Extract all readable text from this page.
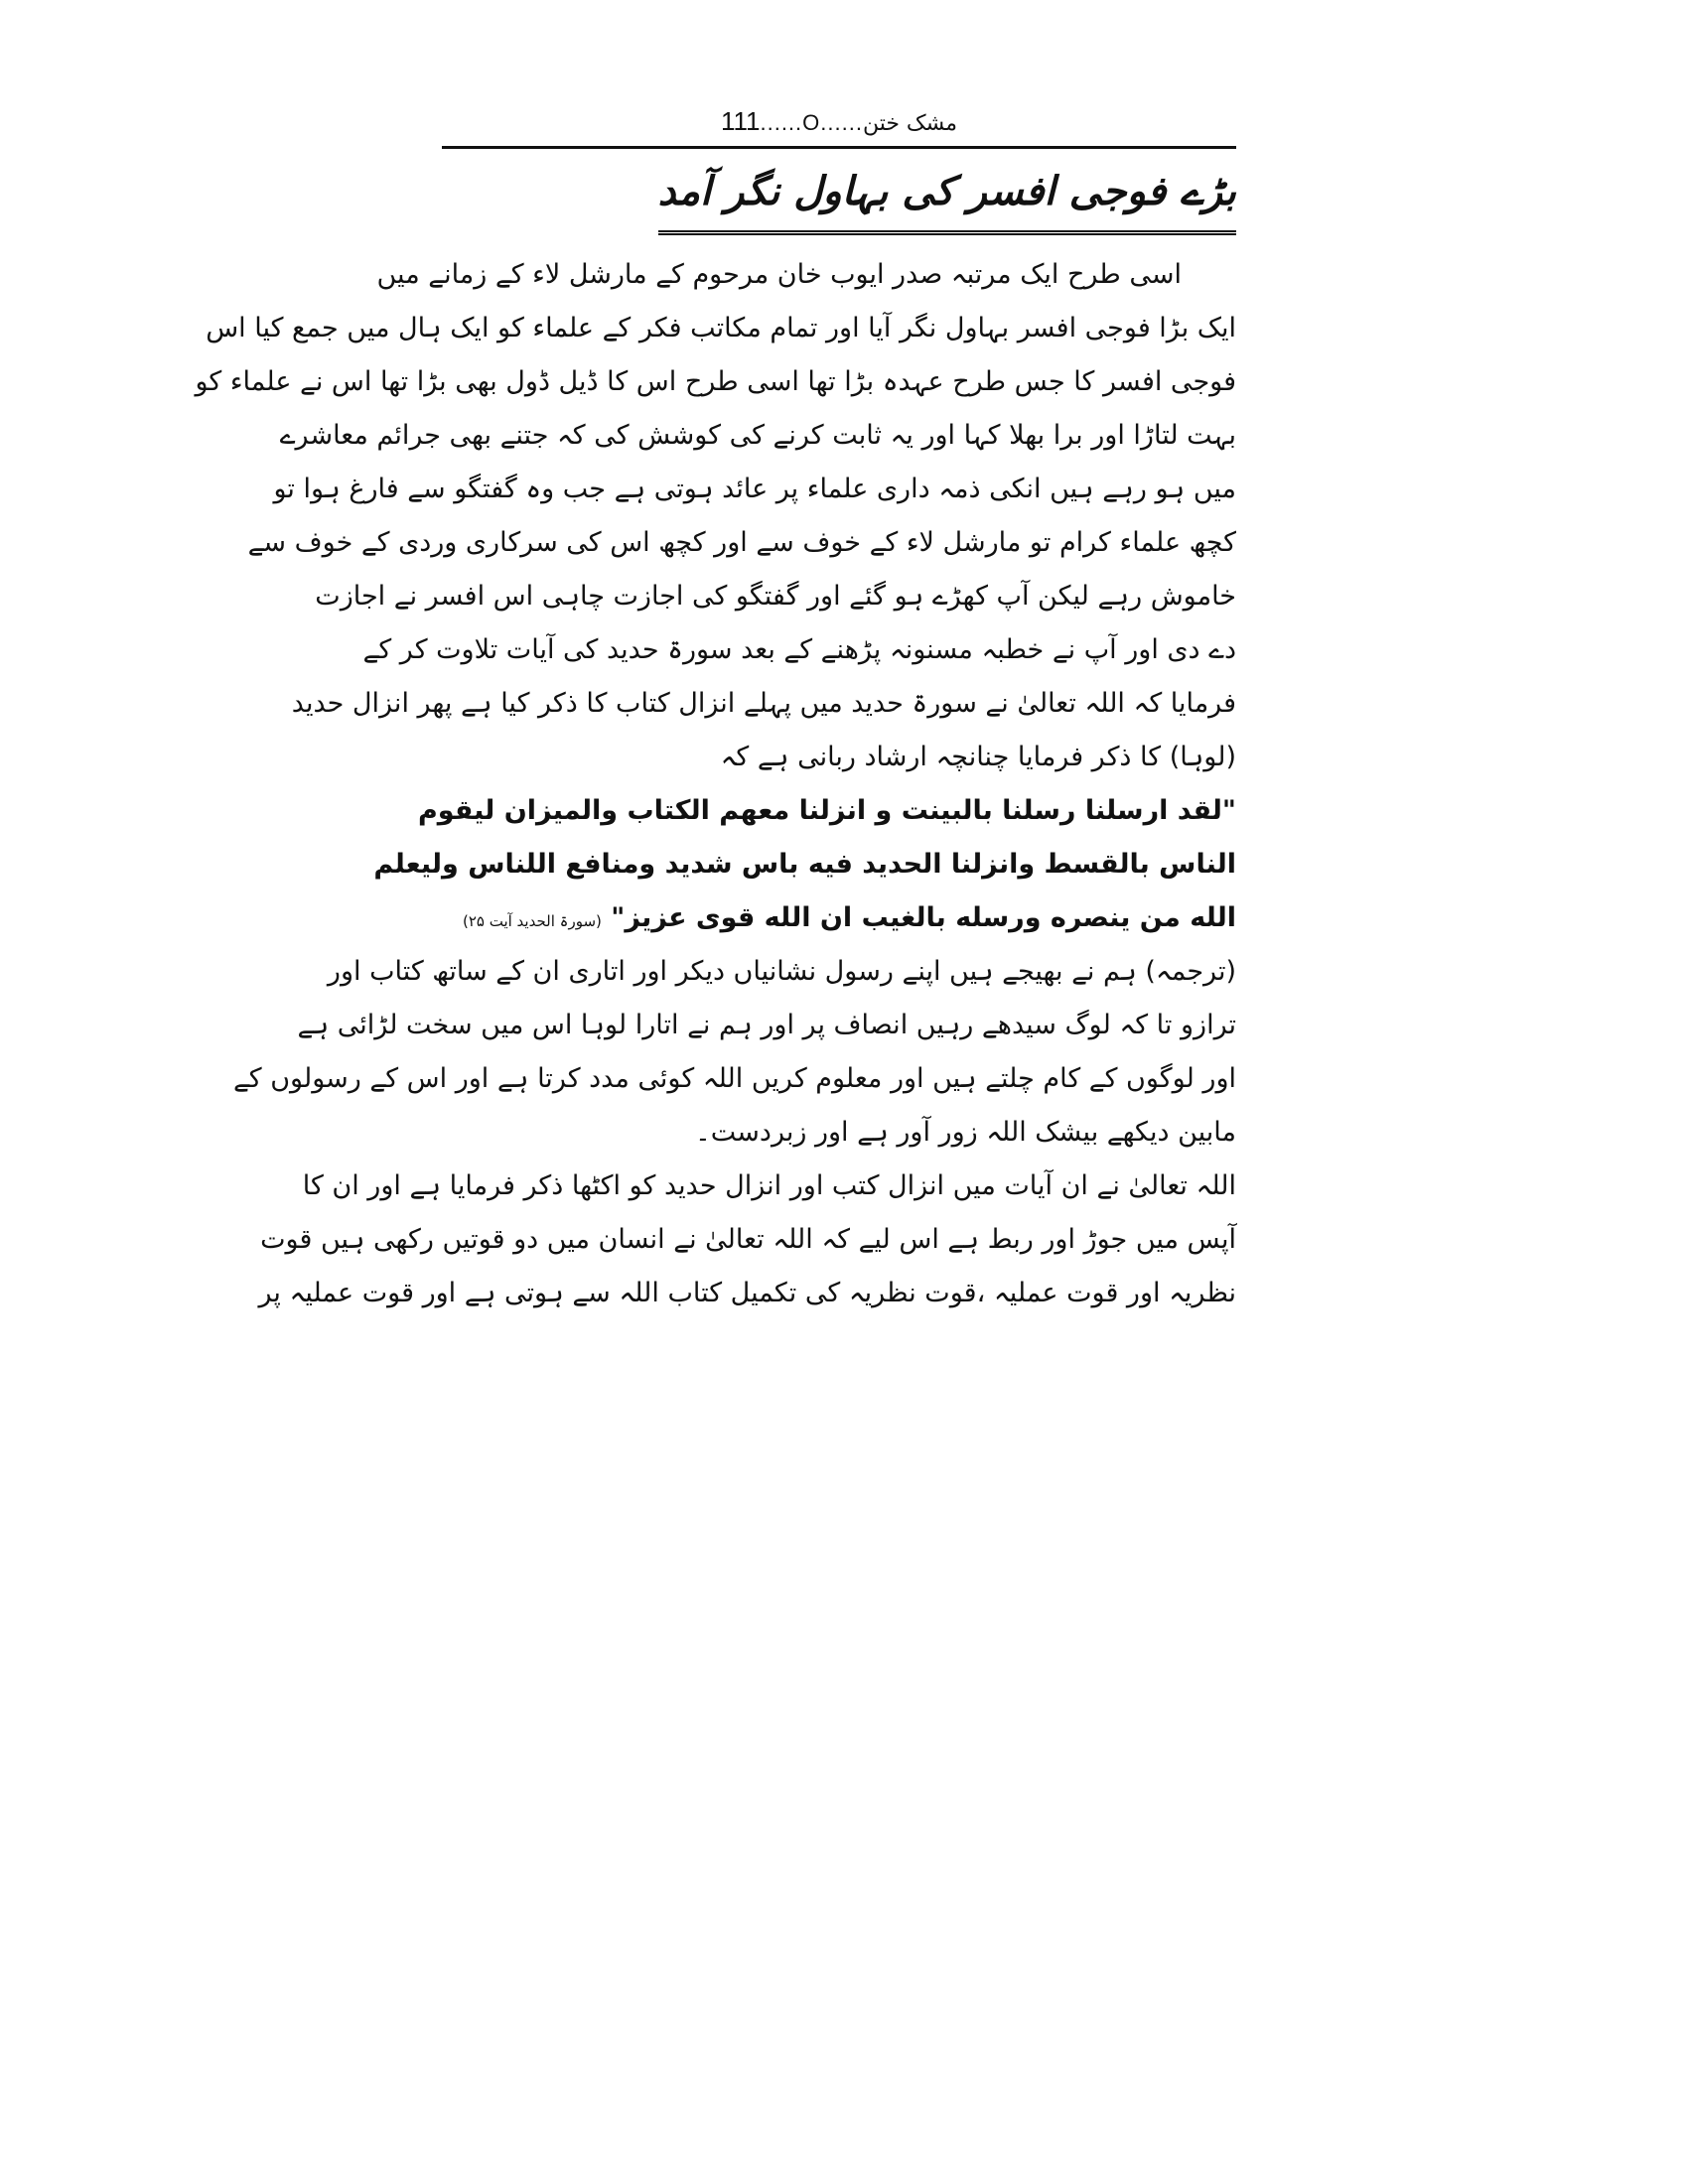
111......O......مشک ختن
بڑے فوجی افسر کی بہاول نگر آمد
اسی طرح ایک مرتبہ صدر ایوب خان مرحوم کے مارشل لاء کے زمانے میں
ایک بڑا فوجی افسر بہاول نگر آیا اور تمام مکاتب فکر کے علماء کو ایک ہال میں جمع کیا اس
فوجی افسر کا جس طرح عہدہ بڑا تھا اسی طرح اس کا ڈیل ڈول بھی بڑا تھا اس نے علماء کو
بہت لتاڑا اور برا بھلا کہا اور یہ ثابت کرنے کی کوشش کی کہ جتنے بھی جرائم معاشرے
میں ہو رہے ہیں انکی ذمہ داری علماء پر عائد ہوتی ہے جب وہ گفتگو سے فارغ ہوا تو
کچھ علماء کرام تو مارشل لاء کے خوف سے اور کچھ اس کی سرکاری وردی کے خوف سے
خاموش رہے لیکن آپ کھڑے ہو گئے اور گفتگو کی اجازت چاہی اس افسر نے اجازت
دے دی اور آپ نے خطبہ مسنونہ پڑھنے کے بعد سورۃ حدید کی آیات تلاوت کر کے
فرمایا کہ اللہ تعالیٰ نے سورۃ حدید میں پہلے انزال کتاب کا ذکر کیا ہے پھر انزال حدید
(لوہا) کا ذکر فرمایا چنانچہ ارشاد ربانی ہے کہ
"لقد ارسلنا رسلنا بالبينت و انزلنا معهم الكتاب والميزان ليقوم
الناس بالقسط وانزلنا الحديد فيه باس شديد ومنافع اللناس وليعلم
الله من ينصره ورسله بالغيب ان الله قوى عزيز" (سورۃ الحدید آیت ۲۵)
(ترجمہ) ہم نے بھیجے ہیں اپنے رسول نشانیاں دیکر اور اتاری ان کے ساتھ کتاب اور
ترازو تا کہ لوگ سیدھے رہیں انصاف پر اور ہم نے اتارا لوہا اس میں سخت لڑائی ہے
اور لوگوں کے کام چلتے ہیں اور معلوم کریں اللہ کوئی مدد کرتا ہے اور اس کے رسولوں کے
مابین دیکھے بیشک اللہ زور آور ہے اور زبردست۔
اللہ تعالیٰ نے ان آیات میں انزال کتب اور انزال حدید کو اکٹھا ذکر فرمایا ہے اور ان کا
آپس میں جوڑ اور ربط ہے اس لیے کہ اللہ تعالیٰ نے انسان میں دو قوتیں رکھی ہیں قوت
نظریہ اور قوت عملیہ ،قوت نظریہ کی تکمیل کتاب اللہ سے ہوتی ہے اور قوت عملیہ پر
